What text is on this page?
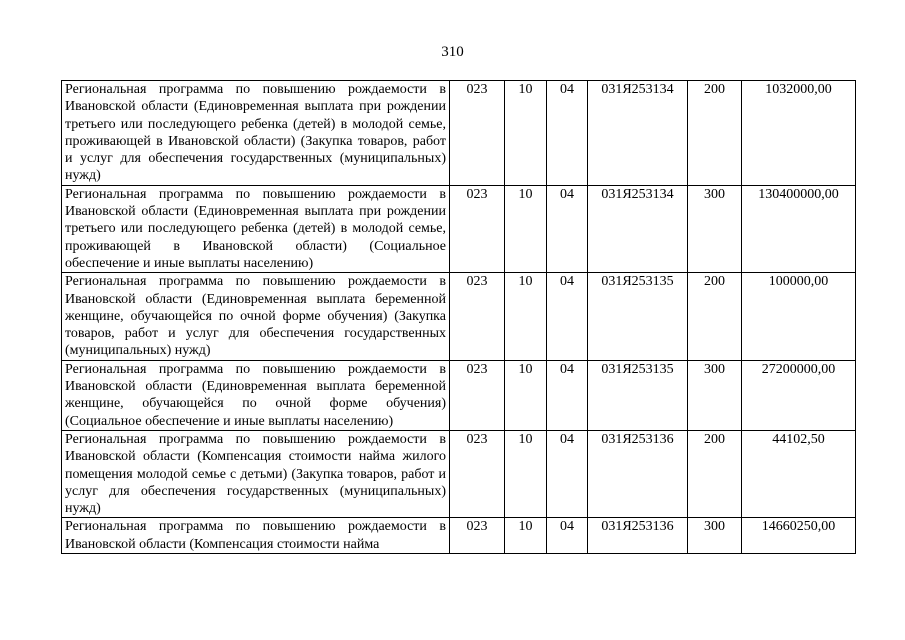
310
Региональная программа по повышению рождаемости в Ивановской области (Единовременная выплата при рождении третьего или последующего ребенка (детей) в молодой семье, проживающей в Ивановской области) (Закупка товаров, работ и услуг для обеспечения государственных (муниципальных) нужд)	023	10	04	031Я253134	200	1032000,00
Региональная программа по повышению рождаемости в Ивановской области (Единовременная выплата при рождении третьего или последующего ребенка (детей) в молодой семье, проживающей в Ивановской области) (Социальное обеспечение и иные выплаты населению)	023	10	04	031Я253134	300	130400000,00
Региональная программа по повышению рождаемости в Ивановской области (Единовременная выплата беременной женщине, обучающейся по очной форме обучения) (Закупка товаров, работ и услуг для обеспечения государственных (муниципальных) нужд)	023	10	04	031Я253135	200	100000,00
Региональная программа по повышению рождаемости в Ивановской области (Единовременная выплата беременной женщине, обучающейся по очной форме обучения) (Социальное обеспечение и иные выплаты населению)	023	10	04	031Я253135	300	27200000,00
Региональная программа по повышению рождаемости в Ивановской области (Компенсация стоимости найма жилого помещения молодой семье с детьми) (Закупка товаров, работ и услуг для обеспечения государственных (муниципальных) нужд)	023	10	04	031Я253136	200	44102,50
Региональная программа по повышению рождаемости в Ивановской области (Компенсация стоимости найма	023	10	04	031Я253136	300	14660250,00
